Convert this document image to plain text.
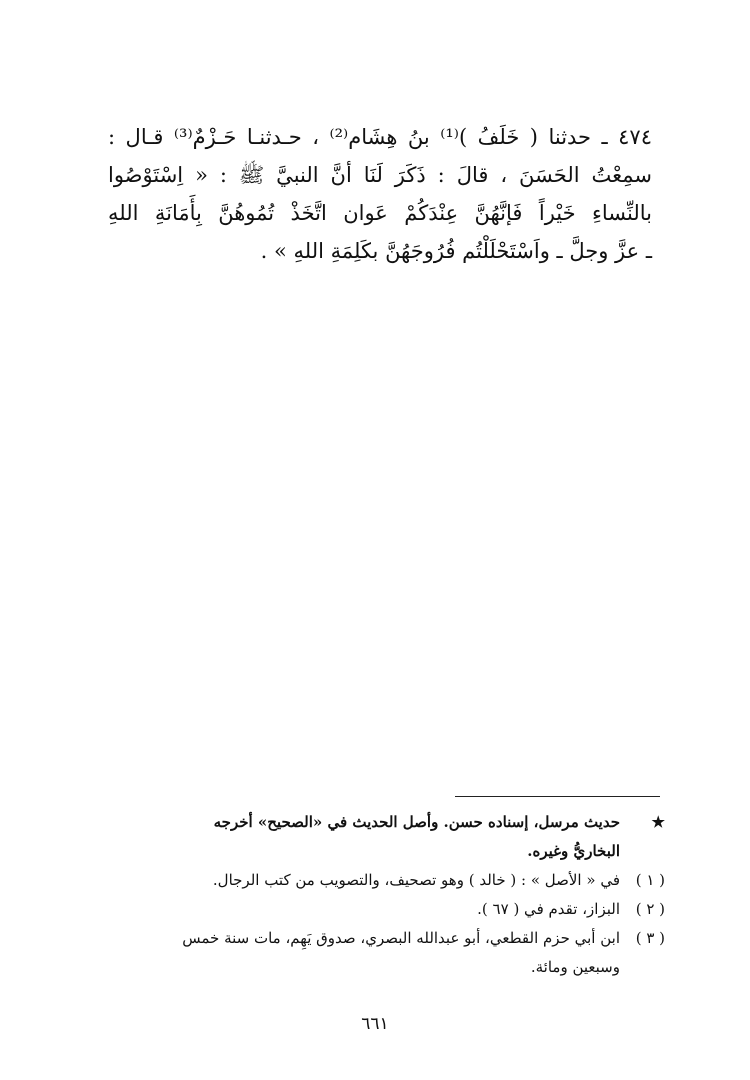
٤٧٤ ـ حدثنا ( خَلَفُ )⁽¹⁾ بنُ هِشَام⁽²⁾ ، حـدثنـا حَـزْمٌ⁽³⁾ قـال :
سمِعْتُ الحَسَنَ ، قالَ : ذَكَرَ لَنَا أنَّ النبيَّ ﷺ : « اِسْتَوْصُوا
بالنِّساءِ خَيْراً فَإنَّهُنَّ عِنْدَكُمْ عَوان اتَّخَذْ تُمُوهُنَّ بِأَمَانَةِ اللهِ
ـ عزَّ وجلَّ ـ واَسْتَحْلَلْتُم فُرُوجَهُنَّ بكَلِمَةِ اللهِ » .
★
حديث مرسل، إسناده حسن. وأصل الحديث في «الصحيح» أخرجه
البخاريُّ وغيره.
( ١ )
في « الأصل » : ( خالد ) وهو تصحيف، والتصويب من كتب الرجال.
( ٢ )
البزاز، تقدم في ( ٦٧ ).
( ٣ )
ابن أبي حزم القطعي، أبو عبدالله البصري، صدوق يَهِم، مات سنة خمس
وسبعين ومائة.
٦٦١
